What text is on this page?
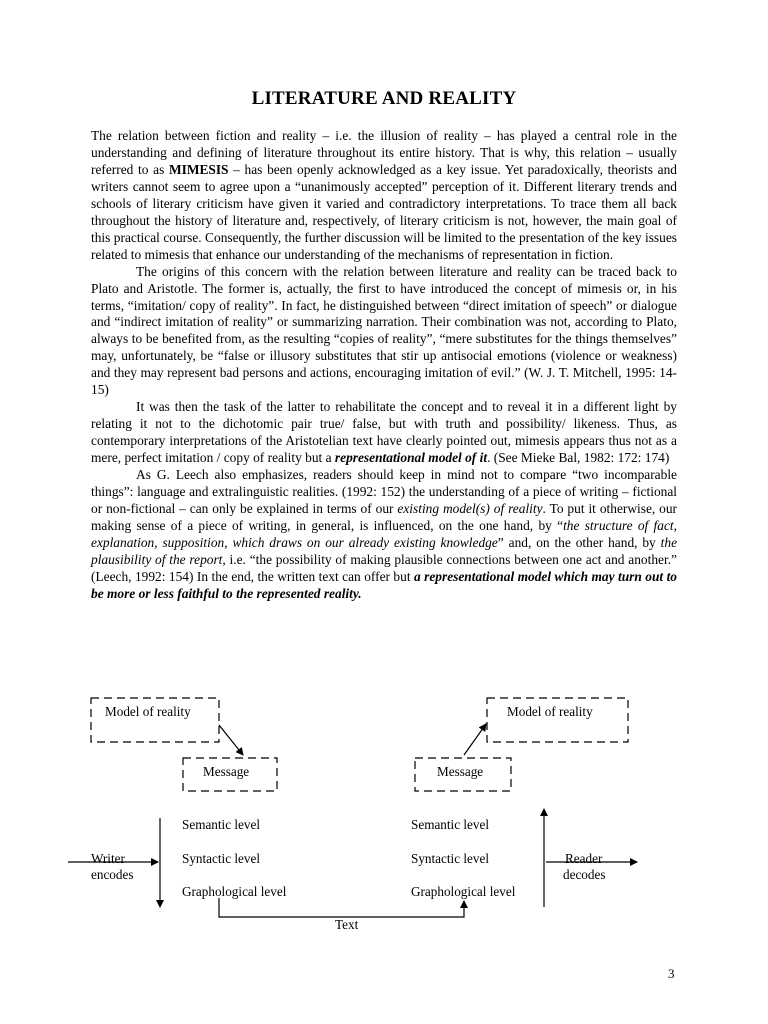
LITERATURE AND REALITY

The relation between fiction and reality – i.e. the illusion of reality – has played a central role in the understanding and defining of literature throughout its entire history. That is why, this relation – usually referred to as MIMESIS – has been openly acknowledged as a key issue. Yet paradoxically, theorists and writers cannot seem to agree upon a “unanimously accepted” perception of it. Different literary trends and schools of literary criticism have given it varied and contradictory interpretations. To trace them all back throughout the history of literature and, respectively, of literary criticism is not, however, the main goal of this practical course. Consequently, the further discussion will be limited to the presentation of the key issues related to mimesis that enhance our understanding of the mechanisms of representation in fiction.

The origins of this concern with the relation between literature and reality can be traced back to Plato and Aristotle. The former is, actually, the first to have introduced the concept of mimesis or, in his terms, “imitation/ copy of reality”. In fact, he distinguished between “direct imitation of speech” or dialogue and “indirect imitation of reality” or summarizing narration. Their combination was not, according to Plato, always to be benefited from, as the resulting “copies of reality”, “mere substitutes for the things themselves” may, unfortunately, be “false or illusory substitutes that stir up antisocial emotions (violence or weakness) and they may represent bad persons and actions, encouraging imitation of evil.” (W. J. T. Mitchell, 1995: 14-15)

It was then the task of the latter to rehabilitate the concept and to reveal it in a different light by relating it not to the dichotomic pair true/ false, but with truth and possibility/ likeness. Thus, as contemporary interpretations of the Aristotelian text have clearly pointed out, mimesis appears thus not as a mere, perfect imitation / copy of reality but a representational model of it. (See Mieke Bal, 1982: 172: 174)

As G. Leech also emphasizes, readers should keep in mind not to compare “two incomparable things”: language and extralinguistic realities. (1992: 152) the understanding of a piece of writing – fictional or non-fictional – can only be explained in terms of our existing model(s) of reality. To put it otherwise, our making sense of a piece of writing, in general, is influenced, on the one hand, by “the structure of fact, explanation, supposition, which draws on our already existing knowledge” and, on the other hand, by the plausibility of the report, i.e. “the possibility of making plausible connections between one act and another.” (Leech, 1992: 154) In the end, the written text can offer but a representational model which may turn out to be more or less faithful to the represented reality.

Model of reality	Model of reality
Message	Message
Semantic level
Syntactic level
Graphological level
Semantic level
Syntactic level
Graphological level
Writer
encodes
Reader
decodes
Text
3
